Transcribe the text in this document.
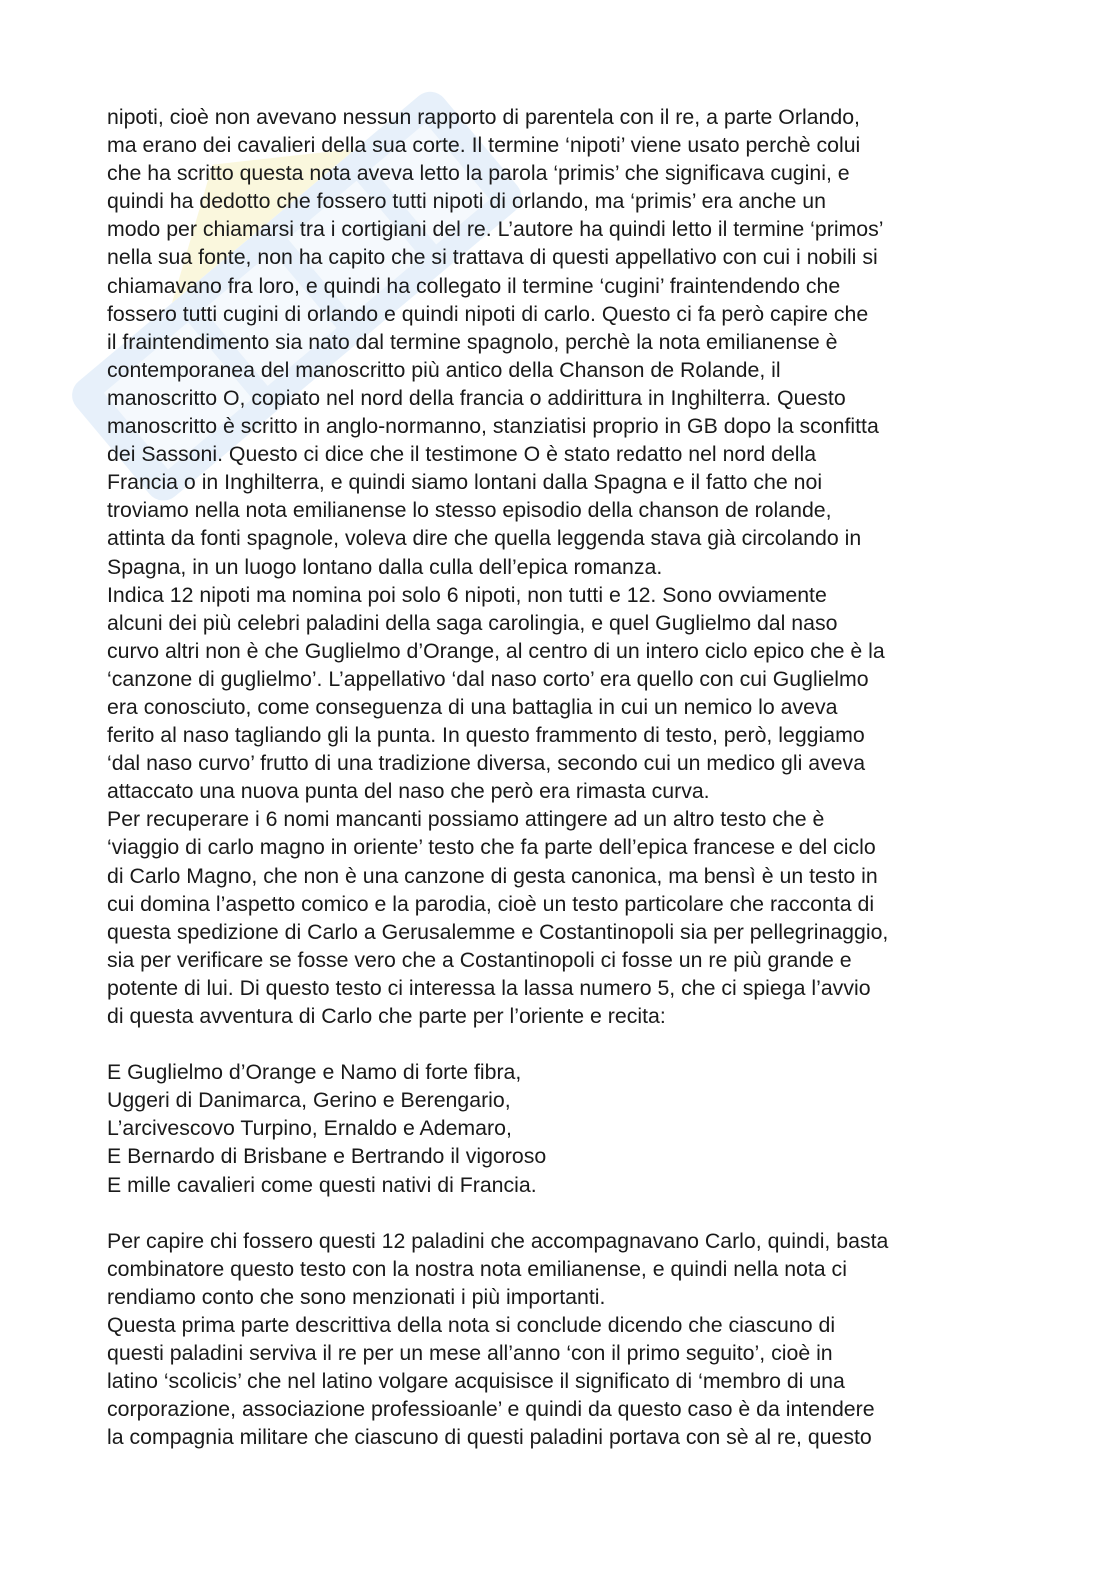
nipoti, cioè non avevano nessun rapporto di parentela con il re, a parte Orlando,
ma erano dei cavalieri della sua corte. Il termine ‘nipoti’ viene usato perchè colui
che ha scritto questa nota aveva letto la parola ‘primis’ che significava cugini, e
quindi ha dedotto che fossero tutti nipoti di orlando, ma ‘primis’ era anche un
modo per chiamarsi tra i cortigiani del re. L’autore ha quindi letto il termine ‘primos’
nella sua fonte, non ha capito che si trattava di questi appellativo con cui i nobili si
chiamavano fra loro, e quindi ha collegato il termine ‘cugini’ fraintendendo che
fossero tutti cugini di orlando e quindi nipoti di carlo. Questo ci fa però capire che
il fraintendimento sia nato dal termine spagnolo, perchè la nota emilianense è
contemporanea del manoscritto più antico della Chanson de Rolande, il
manoscritto O, copiato nel nord della francia o addirittura in Inghilterra. Questo
manoscritto è scritto in anglo-normanno, stanziatisi proprio in GB dopo la sconfitta
dei Sassoni. Questo ci dice che il testimone O è stato redatto nel nord della
Francia o in Inghilterra, e quindi siamo lontani dalla Spagna e il fatto che noi
troviamo nella nota emilianense lo stesso episodio della chanson de rolande,
attinta da fonti spagnole, voleva dire che quella leggenda stava già circolando in
Spagna, in un luogo lontano dalla culla dell’epica romanza.

Indica 12 nipoti ma nomina poi solo 6 nipoti, non tutti e 12. Sono ovviamente
alcuni dei più celebri paladini della saga carolingia, e quel Guglielmo dal naso
curvo altri non è che Guglielmo d’Orange, al centro di un intero ciclo epico che è la
‘canzone di guglielmo’. L’appellativo ‘dal naso corto’ era quello con cui Guglielmo
era conosciuto, come conseguenza di una battaglia in cui un nemico lo aveva
ferito al naso tagliando gli la punta. In questo frammento di testo, però, leggiamo
‘dal naso curvo’ frutto di una tradizione diversa, secondo cui un medico gli aveva
attaccato una nuova punta del naso che però era rimasta curva.

Per recuperare i 6 nomi mancanti possiamo attingere ad un altro testo che è
‘viaggio di carlo magno in oriente’ testo che fa parte dell’epica francese e del ciclo
di Carlo Magno, che non è una canzone di gesta canonica, ma bensì è un testo in
cui domina l’aspetto comico e la parodia, cioè un testo particolare che racconta di
questa spedizione di Carlo a Gerusalemme e Costantinopoli sia per pellegrinaggio,
sia per verificare se fosse vero che a Costantinopoli ci fosse un re più grande e
potente di lui. Di questo testo ci interessa la lassa numero 5, che ci spiega l’avvio
di questa avventura di Carlo che parte per l’oriente e recita:

E Guglielmo d’Orange e Namo di forte fibra,
Uggeri di Danimarca, Gerino e Berengario,
L’arcivescovo Turpino, Ernaldo e Ademaro,
E Bernardo di Brisbane e Bertrando il vigoroso
E mille cavalieri come questi nativi di Francia.

Per capire chi fossero questi 12 paladini che accompagnavano Carlo, quindi, basta
combinatore questo testo con la nostra nota emilianense, e quindi nella nota ci
rendiamo conto che sono menzionati i più importanti.

Questa prima parte descrittiva della nota si conclude dicendo che ciascuno di
questi paladini serviva il re per un mese all’anno ‘con il primo seguito’, cioè in
latino ‘scolicis’ che nel latino volgare acquisisce il significato di ‘membro di una
corporazione, associazione professioanle’ e quindi da questo caso è da intendere
la compagnia militare che ciascuno di questi paladini portava con sè al re, questo
